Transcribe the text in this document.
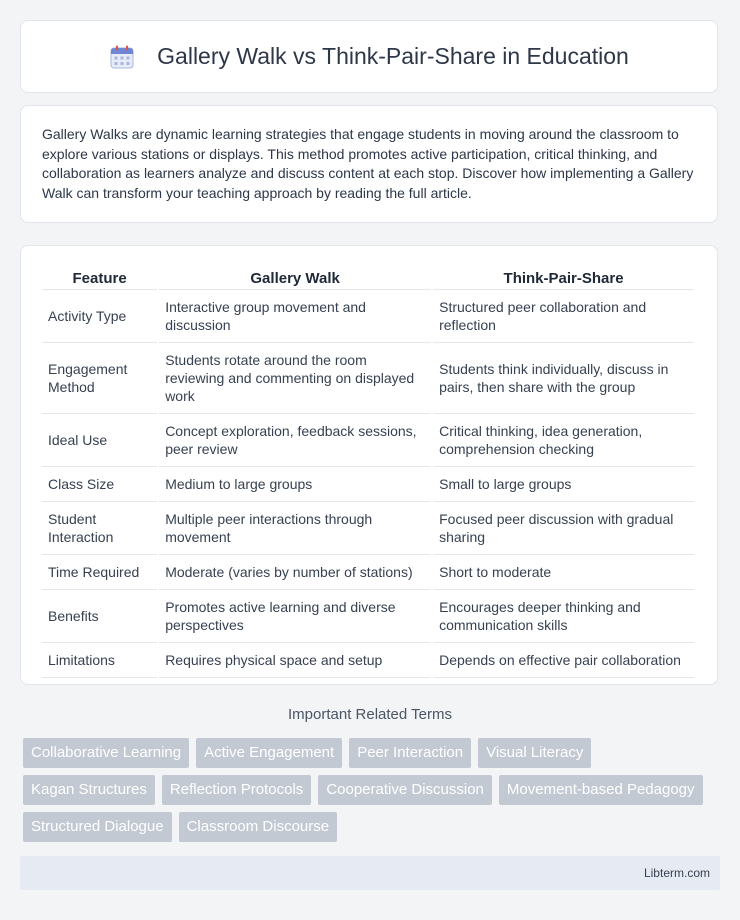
Gallery Walk vs Think-Pair-Share in Education

Gallery Walks are dynamic learning strategies that engage students in moving around the classroom to explore various stations or displays. This method promotes active participation, critical thinking, and collaboration as learners analyze and discuss content at each stop. Discover how implementing a Gallery Walk can transform your teaching approach by reading the full article.

Feature	Gallery Walk	Think-Pair-Share
Activity Type	Interactive group movement and discussion	Structured peer collaboration and reflection
Engagement Method	Students rotate around the room reviewing and commenting on displayed work	Students think individually, discuss in pairs, then share with the group
Ideal Use	Concept exploration, feedback sessions, peer review	Critical thinking, idea generation, comprehension checking
Class Size	Medium to large groups	Small to large groups
Student Interaction	Multiple peer interactions through movement	Focused peer discussion with gradual sharing
Time Required	Moderate (varies by number of stations)	Short to moderate
Benefits	Promotes active learning and diverse perspectives	Encourages deeper thinking and communication skills
Limitations	Requires physical space and setup	Depends on effective pair collaboration
Important Related Terms
Collaborative Learning	Active Engagement	Peer Interaction	Visual Literacy
Kagan Structures	Reflection Protocols	Cooperative Discussion	Movement-based Pedagogy
Structured Dialogue	Classroom Discourse
Libterm.com
